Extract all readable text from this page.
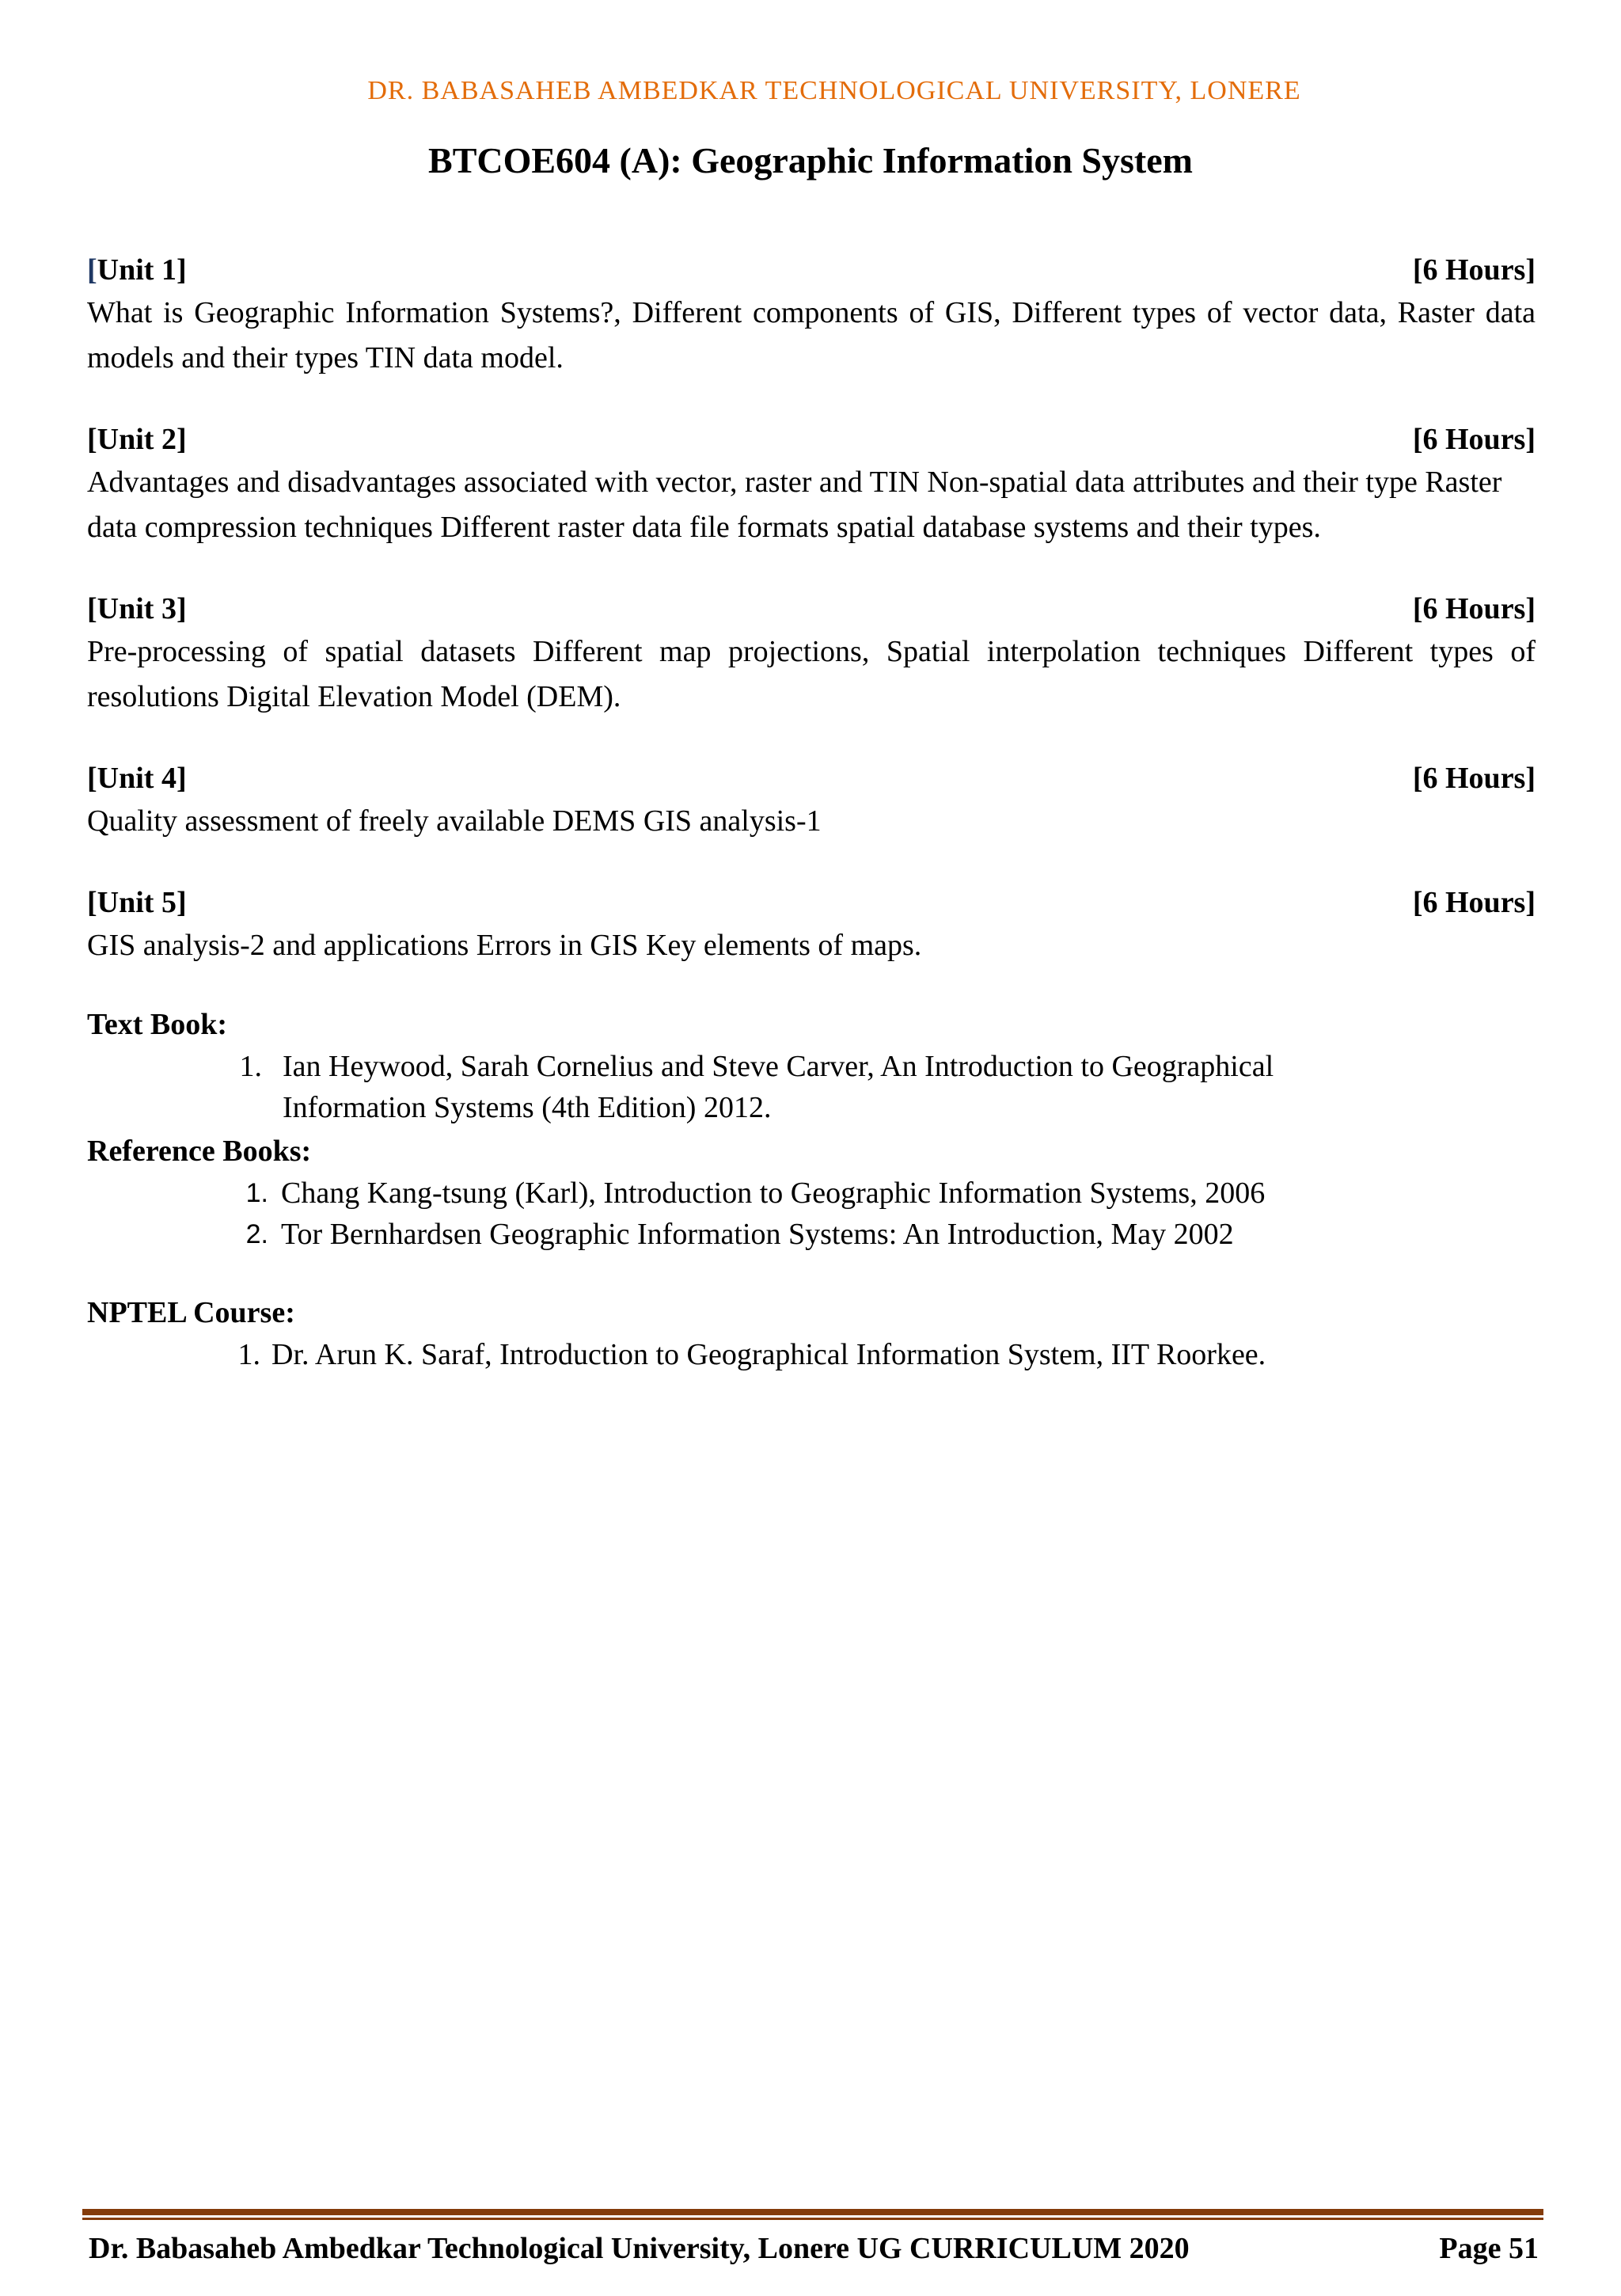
DR. BABASAHEB AMBEDKAR TECHNOLOGICAL UNIVERSITY, LONERE
BTCOE604 (A): Geographic Information System
[Unit 1]	[6 Hours]
What is Geographic Information Systems?, Different components of GIS, Different types of vector data, Raster data models and their types TIN data model.
[Unit 2]	[6 Hours]
Advantages and disadvantages associated with vector, raster and TIN Non-spatial data attributes and their type Raster data compression techniques Different raster data file formats spatial database systems and their types.
[Unit 3]	[6 Hours]
Pre-processing of spatial datasets Different map projections, Spatial interpolation techniques Different types of resolutions Digital Elevation Model (DEM).
[Unit 4]	[6 Hours]
Quality assessment of freely available DEMS GIS analysis-1
[Unit 5]	[6 Hours]
GIS analysis-2 and applications Errors in GIS Key elements of maps.
Text Book:
1. Ian Heywood, Sarah Cornelius and Steve Carver, An Introduction to Geographical Information Systems (4th Edition) 2012.
Reference Books:
1. Chang Kang-tsung (Karl), Introduction to Geographic Information Systems, 2006
2. Tor Bernhardsen Geographic Information Systems: An Introduction, May 2002
NPTEL Course:
1. Dr. Arun K. Saraf, Introduction to Geographical Information System, IIT Roorkee.
Dr. Babasaheb Ambedkar Technological University, Lonere UG CURRICULUM 2020	Page 51
